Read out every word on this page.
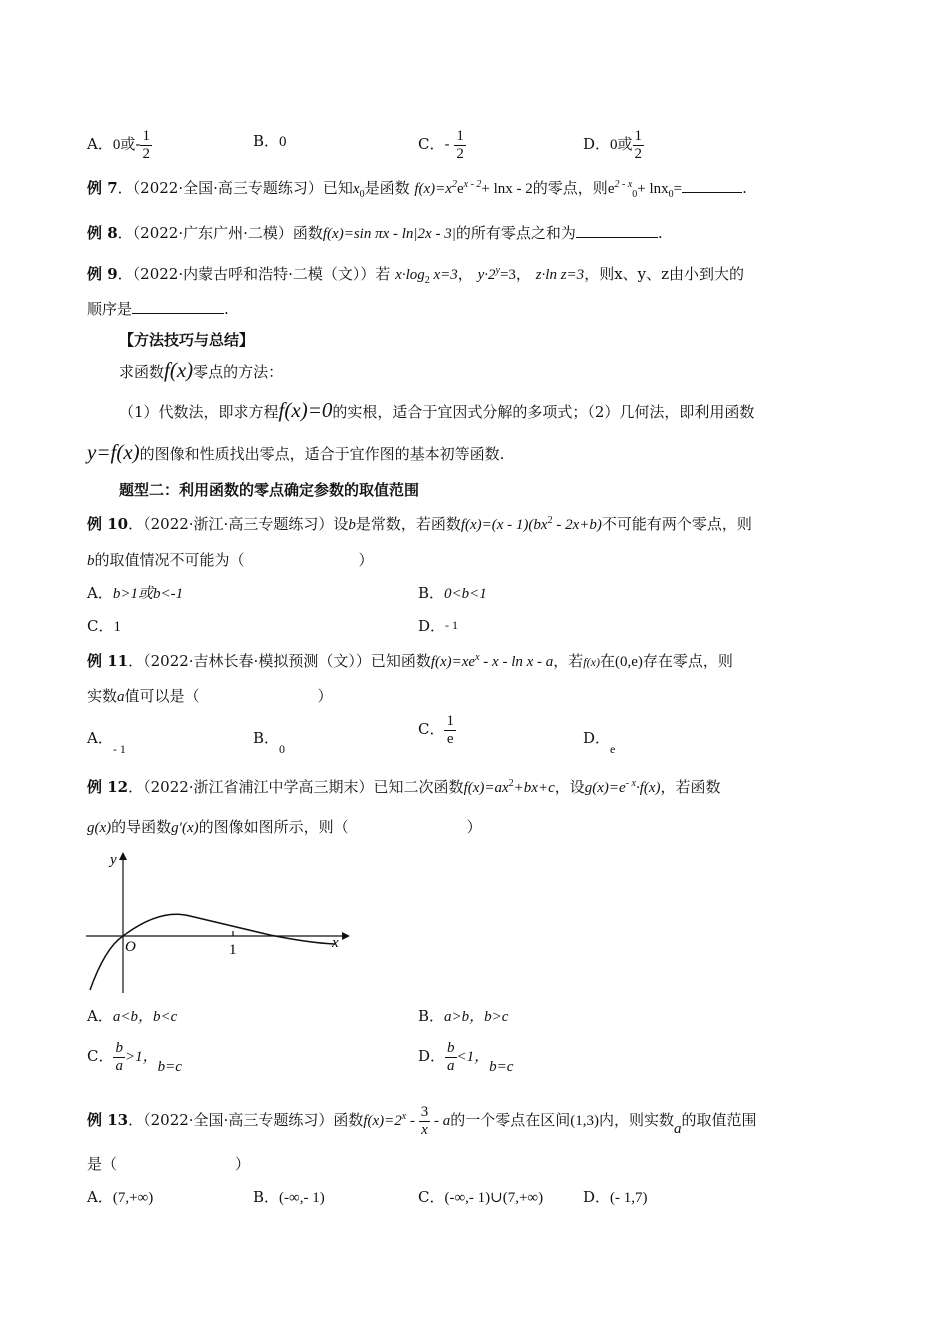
A．0或- $\frac{1}{2}$	B．0	C．- $\frac{1}{2}$	D．0或 $\frac{1}{2}$
例 7．（2022·全国·高三专题练习）已知$x_0$是函数 $f(x)=x^2e^{x - 2}+ \ln x - 2$的零点，则$e^{2 - x}_0+ \ln x_0=$	.
例 8．（2022·广东广州·二模）函数f(x)=sin πx - ln|2x - 3|的所有零点之和为	.
例 9．（2022·内蒙古呼和浩特·二模（文））若 $x\cdot\log_2$ x=3， $y\cdot 2^y=3$， z·ln z=3，则x、y、z由小到大的
顺序是	.
【方法技巧与总结】
求函数f(x)零点的方法：
（1）代数法，即求方程f(x)=0的实根，适合于宜因式分解的多项式；（2）几何法，即利用函数
y=f(x)的图像和性质找出零点，适合于宜作图的基本初等函数.
题型二：利用函数的零点确定参数的取值范围
例 10．（2022·浙江·高三专题练习）设b是常数，若函数$f(x)=(x - 1)(bx^2 - 2x+b)$不可能有两个零点，则
b的取值情况不可能为（	）
A．b>1或b<-1	B．0<b<1
C．1	D．- 1
例 11．（2022·吉林长春·模拟预测（文））已知函数$f(x)=xe^x - x - \ln x - a$，若f(x)在(0,e)存在零点，则
实数a值可以是（	）
A．$_{- 1}$
B．$_0$
C． $\frac{1}{e}$	D．$_e$
例 12．（2022·浙江省浦江中学高三期末）已知二次函数$f(x)=ax^2+bx+c$，设$g(x)=e^{- x}\cdot f(x)$，若函数
g(x)的导函数g′(x)的图像如图所示，则（	）
y
x
O	1
A．a<b，b<c	B．a>b，b>c
C． $\frac{b}{a} >1$，b=c
D． $\frac{b}{a} <1$，b=c
例 13．（2022·全国·高三专题练习）函数$f(x)=2^x - \frac{3}{x} - a$的一个零点在区间(1,3)内，则实数a的取值范围
是（	）
A．(7,+∞)	B．(-∞,- 1)	C．(-∞,- 1)∪(7,+∞)	D．(- 1,7)
